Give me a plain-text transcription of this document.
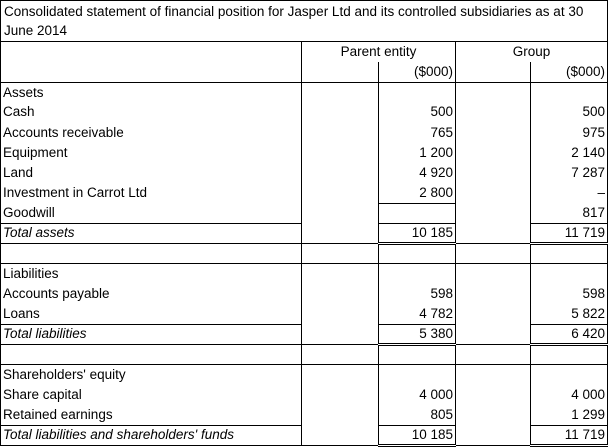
Consolidated statement of financial position for Jasper Ltd and its controlled subsidiaries as at 30 June 2014				
	Parent entity		Group	
		($000)		($000)
Assets				
Cash		500		500
Accounts receivable		765		975
Equipment		1 200		2 140
Land		4 920		7 287
Investment in Carrot Ltd		2 800		–
Goodwill				817
Total assets		10 185		11 719

Liabilities				
Accounts payable		598		598
Loans		4 782		5 822
Total liabilities		5 380		6 420

Shareholders' equity				
Share capital		4 000		4 000
Retained earnings		805		1 299
Total liabilities and shareholders' funds		10 185		11 719
